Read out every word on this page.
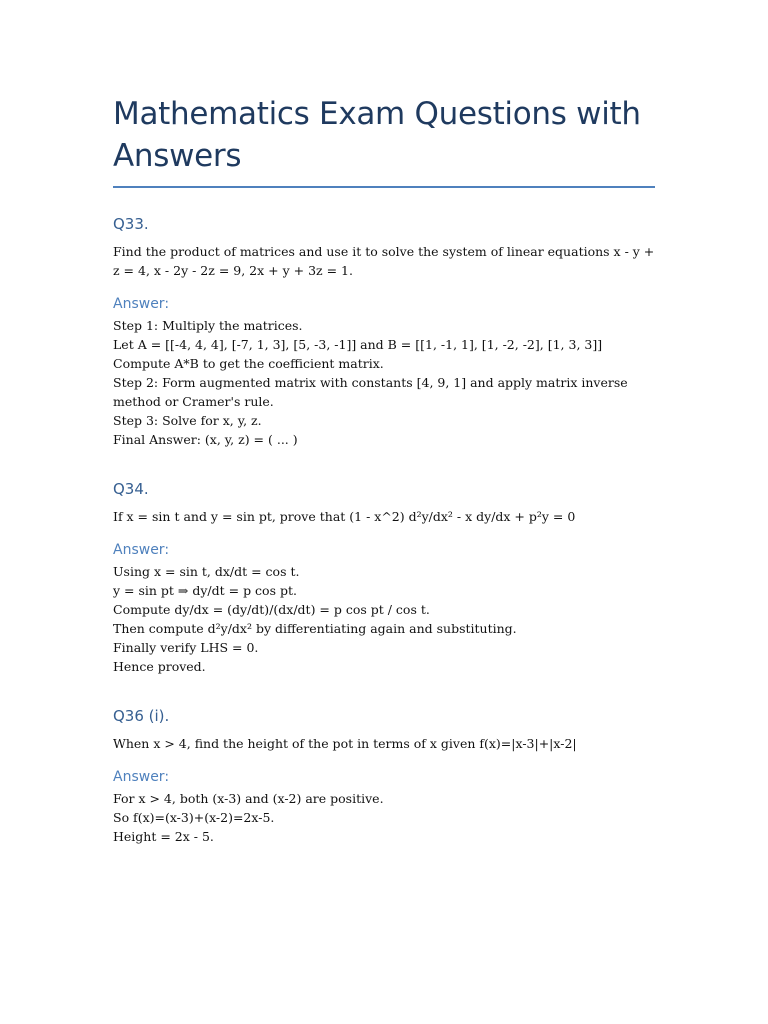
Mathematics Exam Questions with Answers
Q33.

Find the product of matrices and use it to solve the system of linear equations x - y + z = 4, x - 2y - 2z = 9, 2x + y + 3z = 1.

Answer:

Step 1: Multiply the matrices.

Let A = [[-4, 4, 4], [-7, 1, 3], [5, -3, -1]] and B = [[1, -1, 1], [1, -2, -2], [1, 3, 3]]

Compute A*B to get the coefficient matrix.

Step 2: Form augmented matrix with constants [4, 9, 1] and apply matrix inverse method or Cramer's rule.

Step 3: Solve for x, y, z.

Final Answer: (x, y, z) = ( ... )

Q34.

If x = sin t and y = sin pt, prove that (1 - x^2) d²y/dx² - x dy/dx + p²y = 0

Answer:

Using x = sin t, dx/dt = cos t.

y = sin pt ⇒ dy/dt = p cos pt.

Compute dy/dx = (dy/dt)/(dx/dt) = p cos pt / cos t.

Then compute d²y/dx² by differentiating again and substituting.

Finally verify LHS = 0.

Hence proved.

Q36 (i).

When x > 4, find the height of the pot in terms of x given f(x)=|x-3|+|x-2|

Answer:

For x > 4, both (x-3) and (x-2) are positive.

So f(x)=(x-3)+(x-2)=2x-5.

Height = 2x - 5.
